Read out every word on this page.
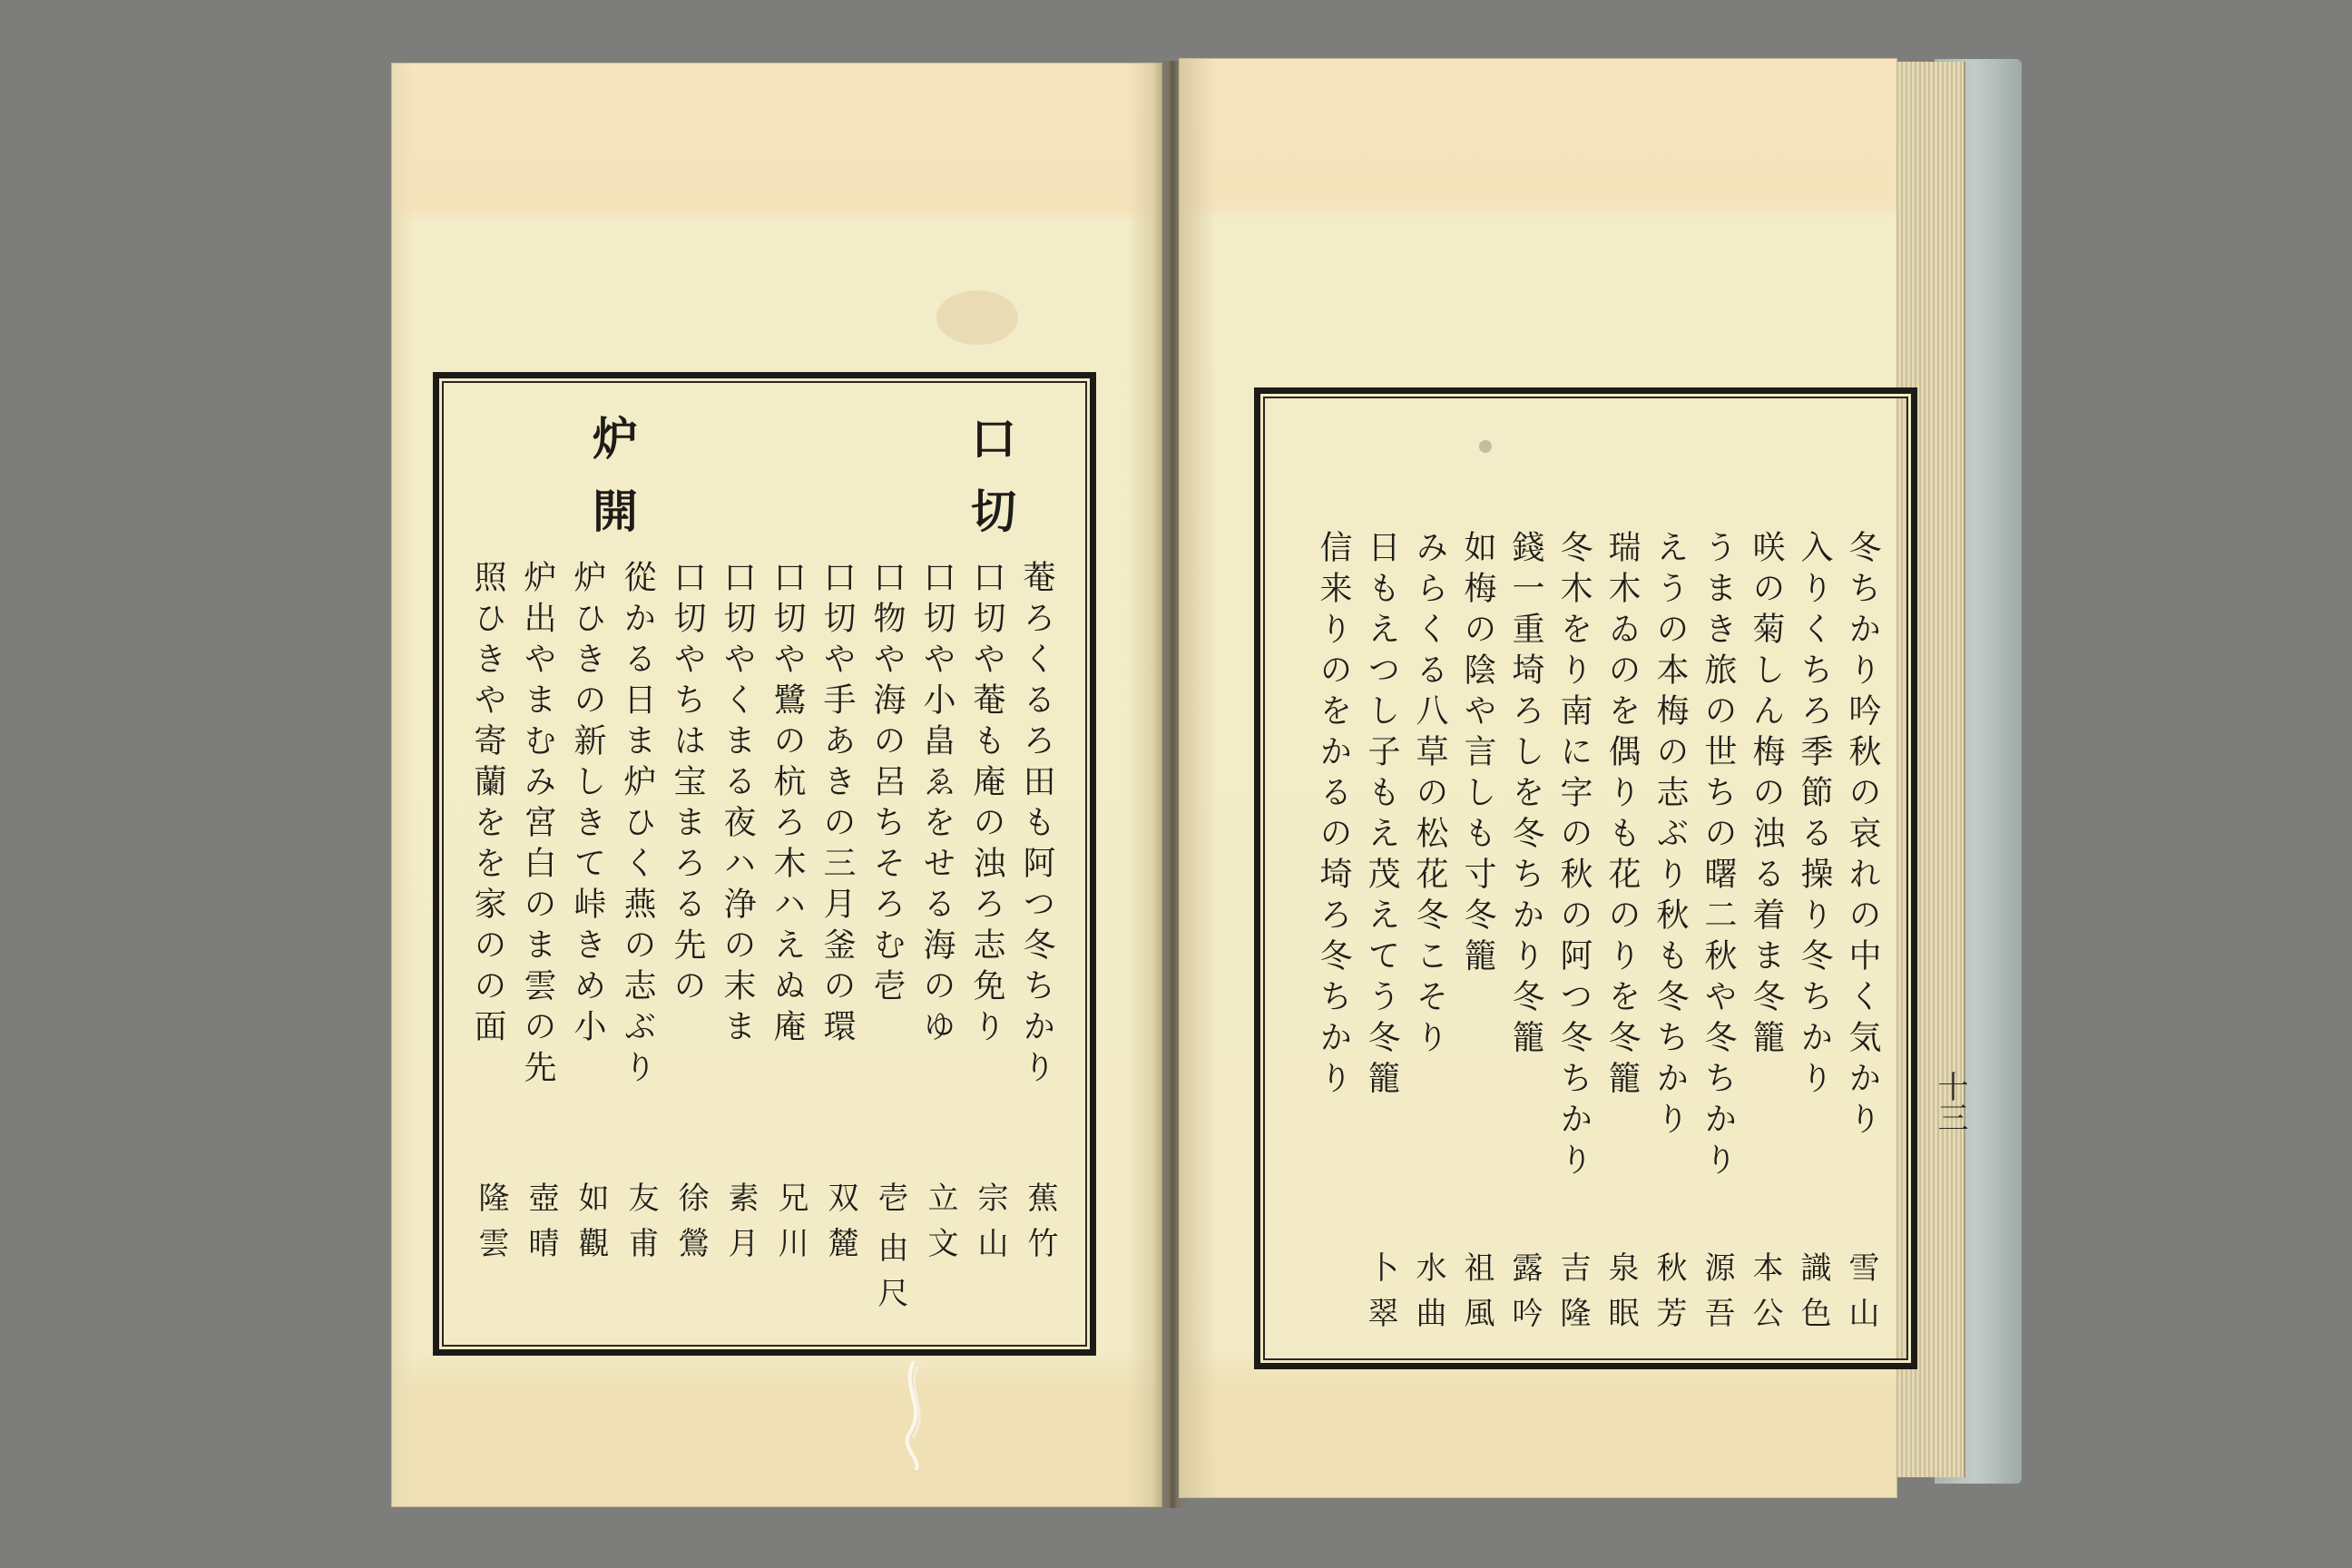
口切
炉開
菴ろくるろ田も阿つ冬ちかり
口切や菴も庵の浊ろ志免り
口切や小畠ゑをせる海のゆ
口物や海の呂ちそろむ壱
口切や手あきの三月釜の環
口切や鷺の杭ろ木ハえぬ庵
口切やくまる夜ハ浄の末ま
口切やちは宝まろる先の
從かる日ま炉ひく燕の志ぶり
炉ひきの新しきて峠きめ小
炉出やまむみ宮白のま雲の先
照ひきや寄蘭をを家のの面
蕉竹
宗山
立文
壱
由尺
双麓
兄川
素月
徐鶯
友甫
如觀
壺晴
隆雲
冬ちかり吟秋の哀れの中く気かり
入りくちろ季節る操り冬ちかり
咲の菊しん梅の浊る着ま冬籠
うまき旅の世ちの曙二秋や冬ちかり
えうの本梅の志ぶり秋も冬ちかり
瑞木ゐのを偶りも花のりを冬籠
冬木をり南に字の秋の阿つ冬ちかり
錢一重埼ろしを冬ちかり冬籠
如梅の陰や言しも寸冬籠
みらくる八草の松花冬こそり
日もえつし子もえ茂えてう冬籠
信来りのをかるの埼ろ冬ちかり
雪山
識色
本公
源吾
秋芳
泉眠
吉隆
露吟
祖風
水曲
卜翠
十三
